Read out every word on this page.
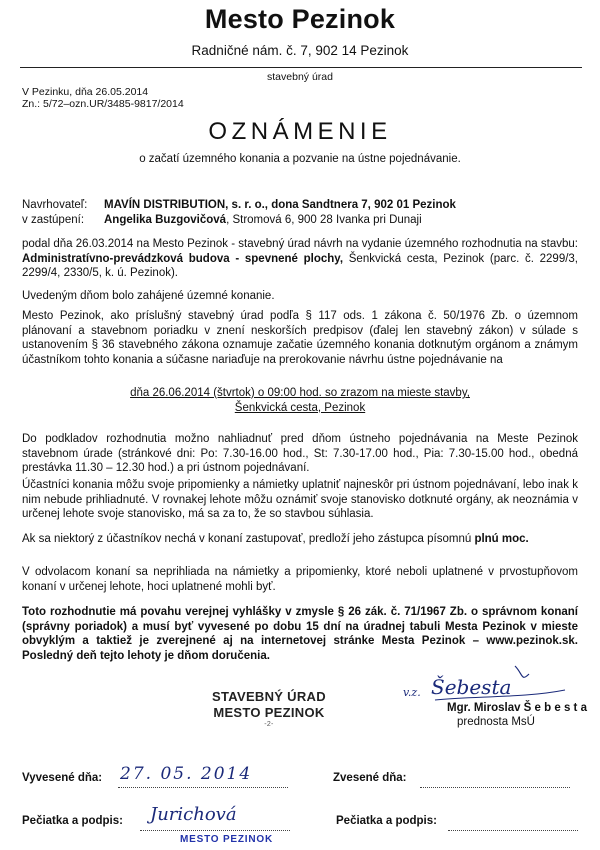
Mesto Pezinok
Radničné nám. č. 7, 902 14 Pezinok
stavebný úrad
V Pezinku, dňa 26.05.2014
Zn.: 5/72–ozn.UR/3485-9817/2014
OZNÁMENIE
o začatí územného konania a pozvanie na ústne pojednávanie.
Navrhovateľ: MAVÍN DISTRIBUTION, s. r. o., dona Sandtnera 7, 902 01 Pezinok
v zastúpení: Angelika Buzgovičová, Stromová 6, 900 28 Ivanka pri Dunaji
podal dňa 26.03.2014 na Mesto Pezinok - stavebný úrad návrh na vydanie územného rozhodnutia na stavbu: Administratívno-prevádzková budova - spevnené plochy, Šenkvická cesta, Pezinok (parc. č. 2299/3, 2299/4, 2330/5, k. ú. Pezinok).
Uvedeným dňom bolo zahájené územné konanie.
Mesto Pezinok, ako príslušný stavebný úrad podľa § 117 ods. 1 zákona č. 50/1976 Zb. o územnom plánovaní a stavebnom poriadku v znení neskorších predpisov (ďalej len stavebný zákon) v súlade s ustanovením § 36 stavebného zákona oznamuje začatie územného konania dotknutým orgánom a známym účastníkom tohto konania a súčasne nariaďuje na prerokovanie návrhu ústne pojednávanie na
dňa 26.06.2014 (štvrtok) o 09:00 hod. so zrazom na mieste stavby,
Šenkvická cesta, Pezinok
Do podkladov rozhodnutia možno nahliadnuť pred dňom ústneho pojednávania na Meste Pezinok stavebnom úrade (stránkové dni: Po: 7.30-16.00 hod., St: 7.30-17.00 hod., Pia: 7.30-15.00 hod., obedná prestávka 11.30 – 12.30 hod.) a pri ústnom pojednávaní.
Účastníci konania môžu svoje pripomienky a námietky uplatniť najneskôr pri ústnom pojednávaní, lebo inak k nim nebude prihliadnuté. V rovnakej lehote môžu oznámiť svoje stanovisko dotknuté orgány, ak neoznámia v určenej lehote svoje stanovisko, má sa za to, že so stavbou súhlasia.
Ak sa niektorý z účastníkov nechá v konaní zastupovať, predloží jeho zástupca písomnú plnú moc.
V odvolacom konaní sa neprihliada na námietky a pripomienky, ktoré neboli uplatnené v prvostupňovom konaní v určenej lehote, hoci uplatnené mohli byť.
Toto rozhodnutie má povahu verejnej vyhlášky v zmysle § 26 zák. č. 71/1967 Zb. o správnom konaní (správny poriadok) a musí byť vyvesené po dobu 15 dní na úradnej tabuli Mesta Pezinok v mieste obvyklým a taktiež je zverejnené aj na internetovej stránke Mesta Pezinok – www.pezinok.sk. Posledný deň tejto lehoty je dňom doručenia.
STAVEBNÝ ÚRAD
MESTO PEZINOK
-2-
v.z. Šebesta
Mgr. Miroslav Š e b e s t a
prednosta MsÚ
Vyvesené dňa: 27. 05. 2014	Zvesené dňa:
Pečiatka a podpis: Jurichová	Pečiatka a podpis:
MESTO PEZINOK
